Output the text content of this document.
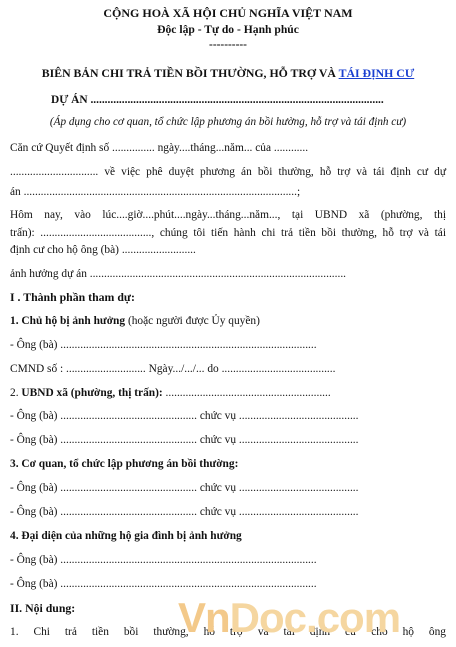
CỘNG HOÀ XÃ HỘI CHỦ NGHĨA VIỆT NAM
Độc lập - Tự do - Hạnh phúc
----------
BIÊN BẢN CHI TRẢ TIỀN BỒI THƯỜNG, HỖ TRỢ VÀ TÁI ĐỊNH CƯ
DỰ ÁN .......................................................................................................
(Áp dụng cho cơ quan, tổ chức lập phương án bồi hường, hỗ trợ và tái định cư)
Căn cứ Quyết định số ............... ngày....tháng...năm... của ............
............................... về việc phê duyệt phương án bồi thường, hỗ trợ và tái định cư dự
án ................................................................................................;
Hôm nay, vào lúc....giờ....phút....ngày...tháng...năm..., tại UBND xã (phường, thị
trấn): ......................................., chúng tôi tiến hành chi trả tiền bồi thường, hỗ trợ và tái
định cư cho hộ ông (bà) ..........................
ảnh hưởng dự án ..........................................................................................
I . Thành phần tham dự:
1. Chủ hộ bị ảnh hưởng (hoặc người được Ủy quyền)
- Ông (bà) ..........................................................................................
CMND số : ............................ Ngày.../.../... do ........................................
2. UBND xã (phường, thị trấn): ..........................................................
- Ông (bà) ................................................ chức vụ ..........................................
- Ông (bà) ................................................ chức vụ ..........................................
3. Cơ quan, tổ chức lập phương án bồi thường:
- Ông (bà) ................................................ chức vụ ..........................................
- Ông (bà) ................................................ chức vụ ..........................................
4. Đại diện của những hộ gia đình bị ảnh hưởng
- Ông (bà) ..........................................................................................
- Ông (bà) ..........................................................................................
II. Nội dung:
1. Chi trả tiền bồi thường, hỗ trợ và tái định cư cho hộ ông
VnDoc.com
